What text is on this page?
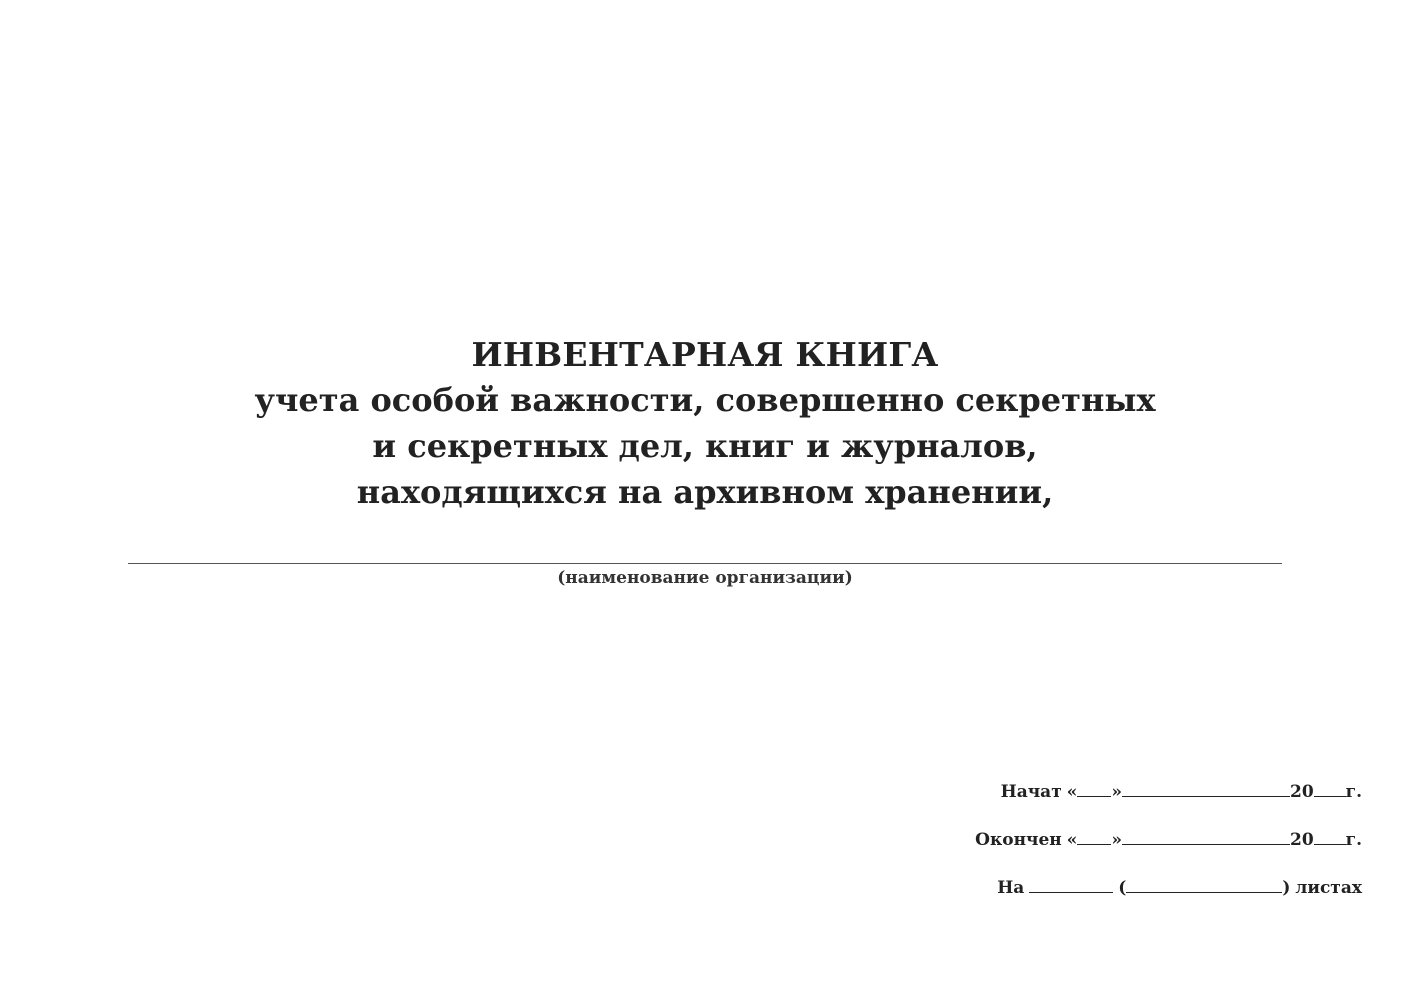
ИНВЕНТАРНАЯ КНИГА
учета особой важности, совершенно секретных
и секретных дел, книг и журналов,
находящихся на архивном хранении,
(наименование организации)
Начат « »	20 г.
Окончен « »	20 г.
На	(	) листах
